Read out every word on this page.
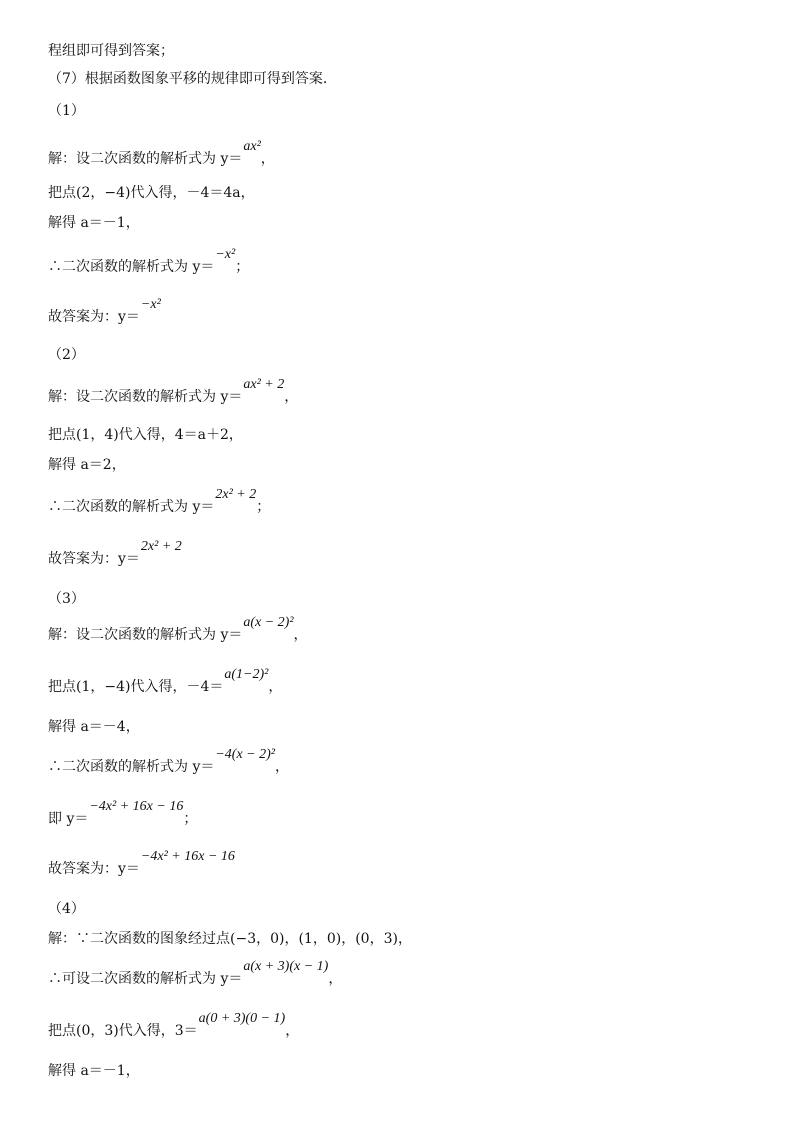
程组即可得到答案；
（7）根据函数图象平移的规律即可得到答案．
（1）
解：设二次函数的解析式为 y＝ax²，
把点(2，−4)代入得，－4＝4a，
解得 a＝－1，
∴二次函数的解析式为 y＝−x²；
故答案为：y＝−x²
（2）
解：设二次函数的解析式为 y＝ax² + 2，
把点(1，4)代入得，4＝a＋2，
解得 a＝2，
∴二次函数的解析式为 y＝2x² + 2；
故答案为：y＝2x² + 2
（3）
解：设二次函数的解析式为 y＝a(x − 2)²，
把点(1，−4)代入得，－4＝a(1−2)²，
解得 a＝－4，
∴二次函数的解析式为 y＝−4(x − 2)²，
即 y＝−4x² + 16x − 16；
故答案为：y＝−4x² + 16x − 16
（4）
解：∵二次函数的图象经过点(−3，0)，(1，0)，(0，3)，
∴可设二次函数的解析式为 y＝a(x + 3)(x − 1)，
把点(0，3)代入得，3＝a(0 + 3)(0 − 1)，
解得 a＝－1，
